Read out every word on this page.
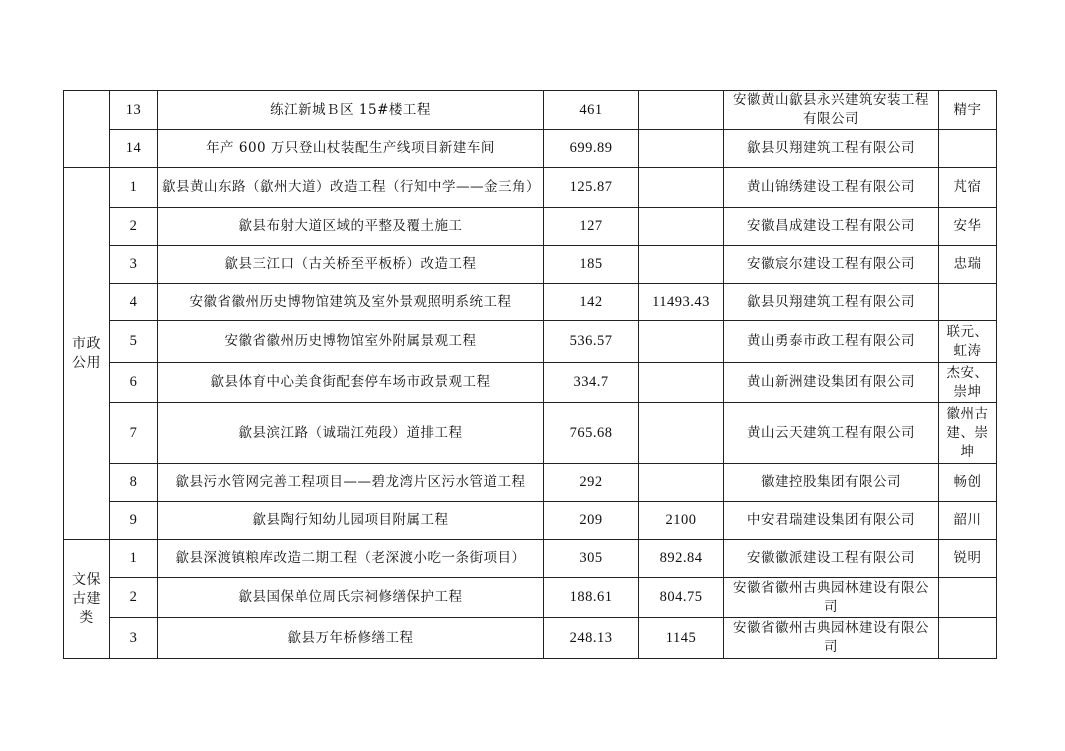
	13	练江新城Ｂ区 15#楼工程	461		安徽黄山歙县永兴建筑安装工程有限公司	精宇
	14	年产 600 万只登山杖装配生产线项目新建车间	699.89		歙县贝翔建筑工程有限公司	
市政公用	1	歙县黄山东路（歙州大道）改造工程（行知中学——金三角）	125.87		黄山锦绣建设工程有限公司	芃宿
	2	歙县布射大道区域的平整及覆土施工	127		安徽昌成建设工程有限公司	安华
	3	歙县三江口（古关桥至平板桥）改造工程	185		安徽宸尔建设工程有限公司	忠瑞
	4	安徽省徽州历史博物馆建筑及室外景观照明系统工程	142	11493.43	歙县贝翔建筑工程有限公司	
	5	安徽省徽州历史博物馆室外附属景观工程	536.57		黄山勇泰市政工程有限公司	联元、虹涛
	6	歙县体育中心美食街配套停车场市政景观工程	334.7		黄山新洲建设集团有限公司	杰安、崇坤
	7	歙县滨江路（诚瑞江苑段）道排工程	765.68		黄山云天建筑工程有限公司	徽州古建、崇坤
	8	歙县污水管网完善工程项目——碧龙湾片区污水管道工程	292		徽建控股集团有限公司	畅创
	9	歙县陶行知幼儿园项目附属工程	209	2100	中安君瑞建设集团有限公司	韶川
文保古建类	1	歙县深渡镇粮库改造二期工程（老深渡小吃一条街项目）	305	892.84	安徽徽派建设工程有限公司	锐明
	2	歙县国保单位周氏宗祠修缮保护工程	188.61	804.75	安徽省徽州古典园林建设有限公司	
	3	歙县万年桥修缮工程	248.13	1145	安徽省徽州古典园林建设有限公司	
